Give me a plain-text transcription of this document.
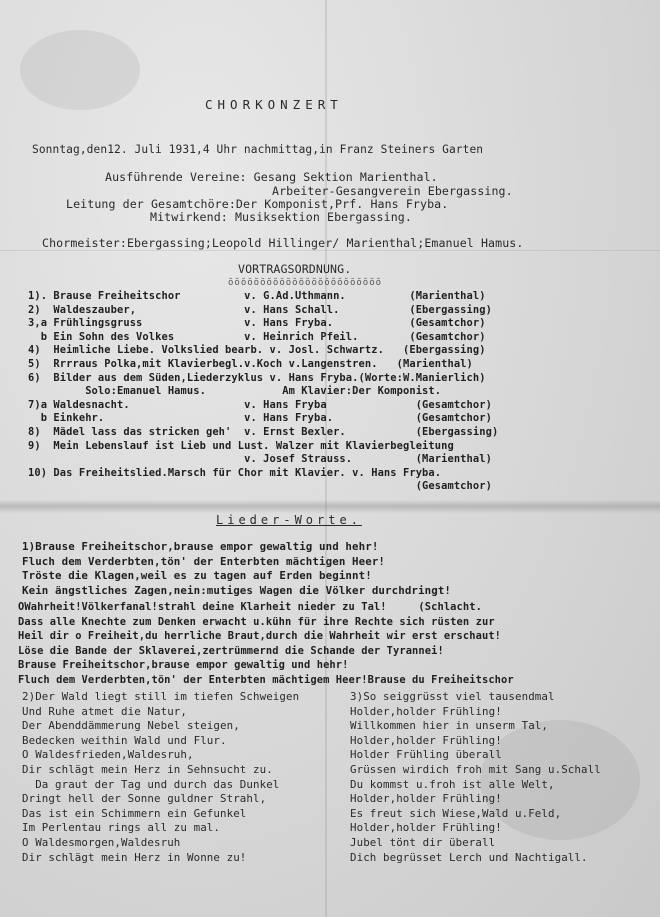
CHORKONZERT
Sonntag,den12. Juli 1931,4 Uhr nachmittag,in Franz Steiners Garten
Ausführende Vereine: Gesang Sektion Marienthal.
Arbeiter-Gesangverein Ebergassing.
Leitung der Gesamtchöre:Der Komponist,Prf. Hans Fryba.
Mitwirkend: Musiksektion Ebergassing.
Chormeister:Ebergassing;Leopold Hillinger/ Marienthal;Emanuel Hamus.
VORTRAGSORDNUNG.
ŏŏŏŏŏŏŏŏŏŏŏŏŏŏŏŏŏŏŏŏŏŏŏŏ
1). Brause Freiheitschor          v. G.Ad.Uthmann.          (Marienthal)
2)  Waldeszauber,                 v. Hans Schall.           (Ebergassing)
3,a Frühlingsgruss                v. Hans Fryba.            (Gesamtchor)
b Ein Sohn des Volkes           v. Heinrich Pfeil.        (Gesamtchor)
4)  Heimliche Liebe. Volkslied bearb. v. Josl. Schwartz.   (Ebergassing)
5)  Rrrraus Polka,mit Klavierbegl.v.Koch v.Langenstren.   (Marienthal)
6)  Bilder aus dem Süden,Liederzyklus v. Hans Fryba.(Worte:W.Manierlich)
Solo:Emanuel Hamus.            Am Klavier:Der Komponist.
7)a Waldesnacht.                  v. Hans Fryba              (Gesamtchor)
b Einkehr.                      v. Hans Fryba.             (Gesamtchor)
8)  Mädel lass das stricken geh'  v. Ernst Bexler.           (Ebergassing)
9)  Mein Lebenslauf ist Lieb und Lust. Walzer mit Klavierbegleitung
v. Josef Strauss.          (Marienthal)
10) Das Freiheitslied.Marsch für Chor mit Klavier. v. Hans Fryba.
(Gesamtchor)
Lieder-Worte.
1)Brause Freiheitschor,brause empor gewaltig und hehr!
Fluch dem Verderbten,tön' der Enterbten mächtigen Heer!
Tröste die Klagen,weil es zu tagen auf Erden beginnt!
Kein ängstliches Zagen,nein:mutiges Wagen die Völker durchdringt!
OWahrheit!Völkerfanal!strahl deine Klarheit nieder zu Tal!     (Schlacht.
Dass alle Knechte zum Denken erwacht u.kühn für ihre Rechte sich rüsten zur
Heil dir o Freiheit,du herrliche Braut,durch die Wahrheit wir erst erschaut!
Löse die Bande der Sklaverei,zertrümmernd die Schande der Tyrannei!
Brause Freiheitschor,brause empor gewaltig und hehr!
Fluch dem Verderbten,tön' der Enterbten mächtigem Heer!Brause du Freiheitschor
2)Der Wald liegt still im tiefen Schweigen
Und Ruhe atmet die Natur,
Der Abenddämmerung Nebel steigen,
Bedecken weithin Wald und Flur.
O Waldesfrieden,Waldesruh,
Dir schlägt mein Herz in Sehnsucht zu.
Da graut der Tag und durch das Dunkel
Dringt hell der Sonne guldner Strahl,
Das ist ein Schimmern ein Gefunkel
Im Perlentau rings all zu mal.
O Waldesmorgen,Waldesruh
Dir schlägt mein Herz in Wonne zu!
3)So seiggrüsst viel tausendmal
Holder,holder Frühling!
Willkommen hier in unserm Tal,
Holder,holder Frühling!
Holder Frühling überall
Grüssen wirdich froh mit Sang u.Schall
Du kommst u.froh ist alle Welt,
Holder,holder Frühling!
Es freut sich Wiese,Wald u.Feld,
Holder,holder Frühling!
Jubel tönt dir überall
Dich begrüsset Lerch und Nachtigall.
